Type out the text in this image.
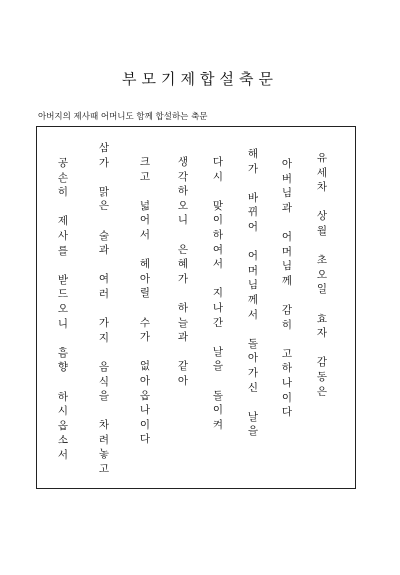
부모기제합설축문
아버지의 제사때 어머니도 함께 합설하는 축문
유
세
차
상
월
초
오
일
효
자
감
동
은
아
버
님
과
어
머
님
께
감
히
고
하
나
이
다
해
가
바
뀌
어
어
머
님
께
서
돌
아
가
신
날
을
다
시
맞
이
하
여
서
지
나
간
날
을
돌
이
켜
생
각
하
오
니
은
혜
가
하
늘
과
같
아
크
고
넓
어
서
헤
아
릴
수
가
없
아
옵
나
이
다
삼
가
맑
은
술
과
여
러
가
지
음
식
을
차
려
놓
고
공
손
히
제
사
를
받
드
오
니
흠
향
하
시
옵
소
서
